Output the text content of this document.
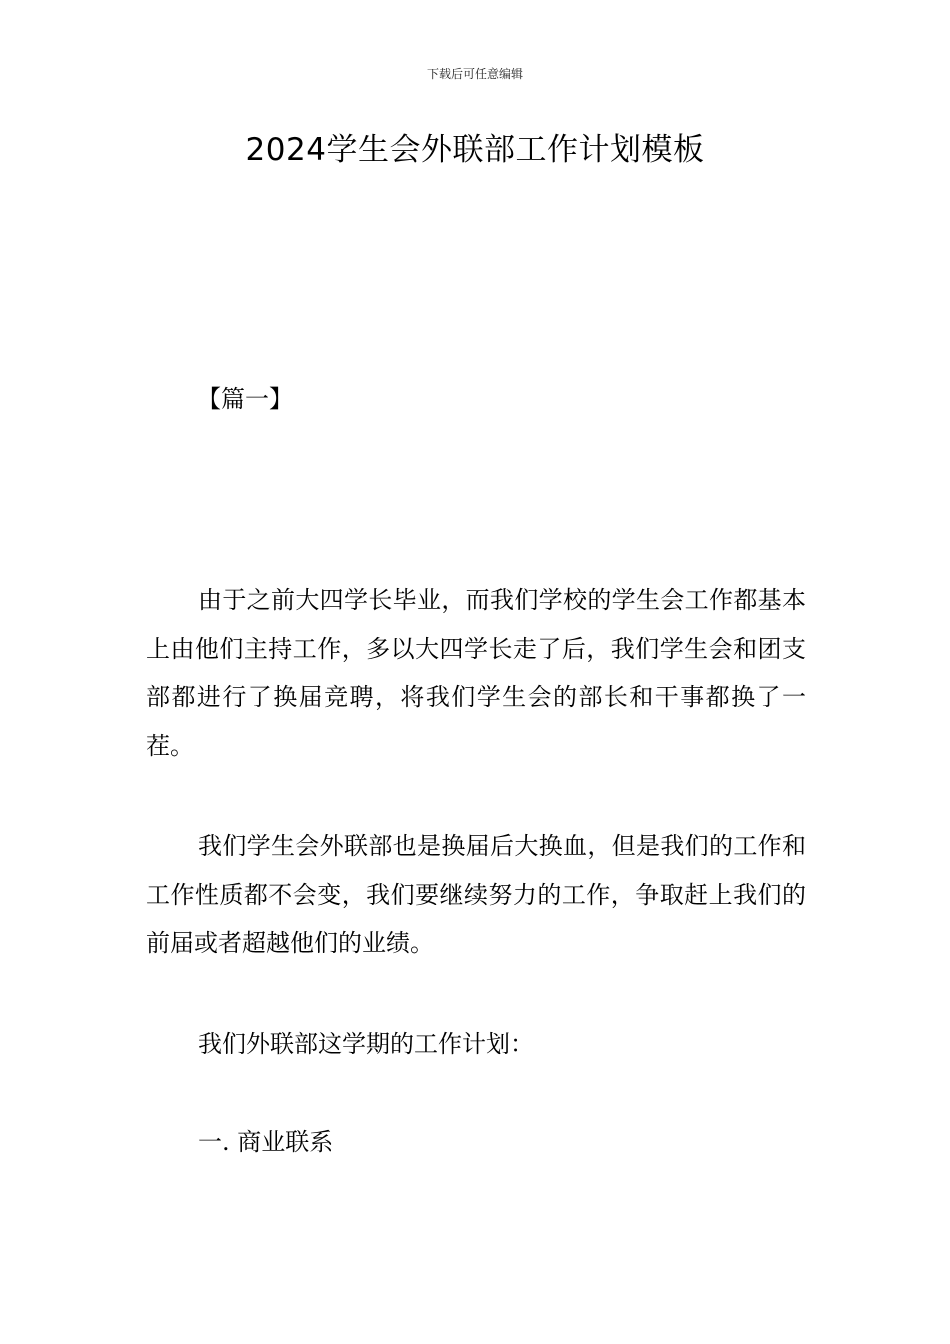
下载后可任意编辑
2024学生会外联部工作计划模板
【篇一】

由于之前大四学长毕业，而我们学校的学生会工作都基本上由他们主持工作，多以大四学长走了后，我们学生会和团支部都进行了换届竞聘，将我们学生会的部长和干事都换了一茬。

我们学生会外联部也是换届后大换血，但是我们的工作和工作性质都不会变，我们要继续努力的工作，争取赶上我们的前届或者超越他们的业绩。

我们外联部这学期的工作计划：

一. 商业联系
